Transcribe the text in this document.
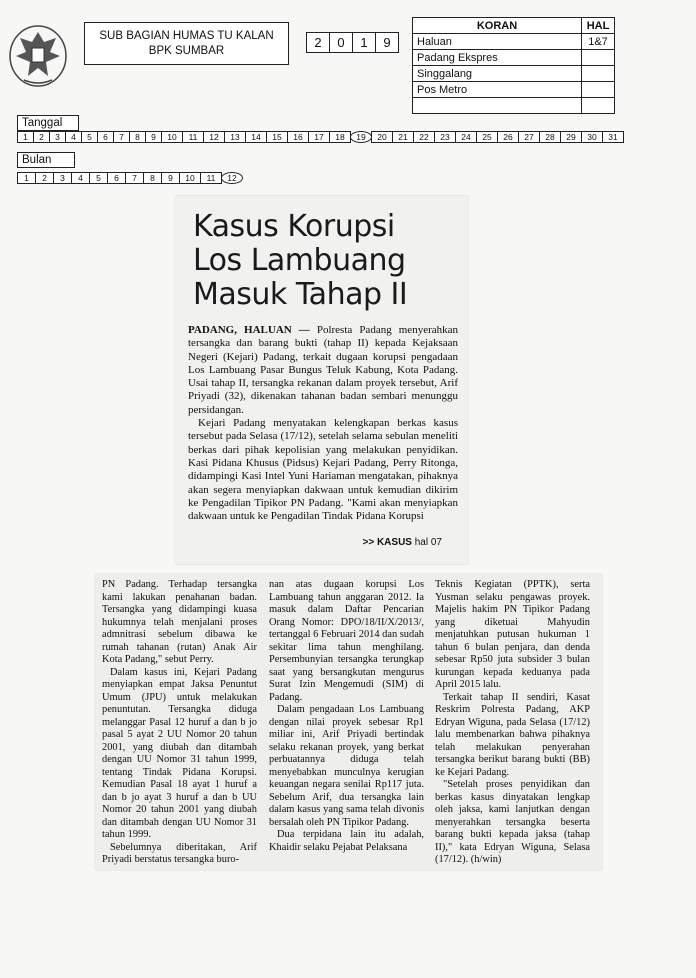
SUB BAGIAN HUMAS TU KALAN
BPK SUMBAR
2	0	1	9
KORAN	HAL
Haluan	1&7
Padang Ekspres	
Singgalang	
Pos Metro	

Tanggal
1	2	3	4	5	6	7	8	9	10	11	12	13	14	15	16	17	18	19	20	21	22	23	24	25	26	27	28	29	30	31
Bulan
1	2	3	4	5	6	7	8	9	10	11	12
Kasus Korupsi
Los Lambuang
Masuk Tahap II

PADANG, HALUAN — Polresta Padang menyerahkan tersangka dan barang bukti (tahap II) kepada Kejaksaan Negeri (Kejari) Padang, terkait dugaan korupsi pengadaan Los Lambuang Pasar Bungus Teluk Kabung, Kota Padang. Usai tahap II, tersangka rekanan dalam proyek tersebut, Arif Priyadi (32), dikenakan tahanan badan sembari menunggu persidangan.

Kejari Padang menyatakan kelengkapan berkas kasus tersebut pada Selasa (17/12), setelah selama sebulan meneliti berkas dari pihak kepolisian yang melakukan penyidikan. Kasi Pidana Khusus (Pidsus) Kejari Padang, Perry Ritonga, didampingi Kasi Intel Yuni Hariaman mengatakan, pihaknya akan segera menyiapkan dakwaan untuk kemudian dikirim ke Pengadilan Tipikor PN Padang. "Kami akan menyiapkan dakwaan untuk ke Pengadilan Tindak Pidana Korupsi

>> KASUS hal 07

PN Padang. Terhadap tersangka kami lakukan penahanan badan. Tersangka yang didampingi kuasa hukumnya telah menjalani proses admnitrasi sebelum dibawa ke rumah tahanan (rutan) Anak Air Kota Padang," sebut Perry.

Dalam kasus ini, Kejari Padang menyiapkan empat Jaksa Penuntut Umum (JPU) untuk melakukan penuntutan. Tersangka diduga melanggar Pasal 12 huruf a dan b jo pasal 5 ayat 2 UU Nomor 20 tahun 2001, yang diubah dan ditambah dengan UU Nomor 31 tahun 1999, tentang Tindak Pidana Korupsi. Kemudian Pasal 18 ayat 1 huruf a dan b jo ayat 3 huruf a dan b UU Nomor 20 tahun 2001 yang diubah dan ditambah dengan UU Nomor 31 tahun 1999.

Sebelumnya diberitakan, Arif Priyadi berstatus tersangka buro-

nan atas dugaan korupsi Los Lambuang tahun anggaran 2012. Ia masuk dalam Daftar Pencarian Orang Nomor: DPO/18/II/X/2013/, tertanggal 6 Februari 2014 dan sudah sekitar lima tahun menghilang. Persembunyian tersangka terungkap saat yang bersangkutan mengurus Surat Izin Mengemudi (SIM) di Padang.

Dalam pengadaan Los Lambuang dengan nilai proyek sebesar Rp1 miliar ini, Arif Priyadi bertindak selaku rekanan proyek, yang berkat perbuatannya diduga telah menyebabkan munculnya kerugian keuangan negara senilai Rp117 juta. Sebelum Arif, dua tersangka lain dalam kasus yang sama telah divonis bersalah oleh PN Tipikor Padang.

Dua terpidana lain itu adalah, Khaidir selaku Pejabat Pelaksana

Teknis Kegiatan (PPTK), serta Yusman selaku pengawas proyek. Majelis hakim PN Tipikor Padang yang diketuai Mahyudin menjatuhkan putusan hukuman 1 tahun 6 bulan penjara, dan denda sebesar Rp50 juta subsider 3 bulan kurungan kepada keduanya pada April 2015 lalu.

Terkait tahap II sendiri, Kasat Reskrim Polresta Padang, AKP Edryan Wiguna, pada Selasa (17/12) lalu membenarkan bahwa pihaknya telah melakukan penyerahan tersangka berikut barang bukti (BB) ke Kejari Padang.

"Setelah proses penyidikan dan berkas kasus dinyatakan lengkap oleh jaksa, kami lanjutkan dengan menyerahkan tersangka beserta barang bukti kepada jaksa (tahap II)," kata Edryan Wiguna, Selasa (17/12). (h/win)
